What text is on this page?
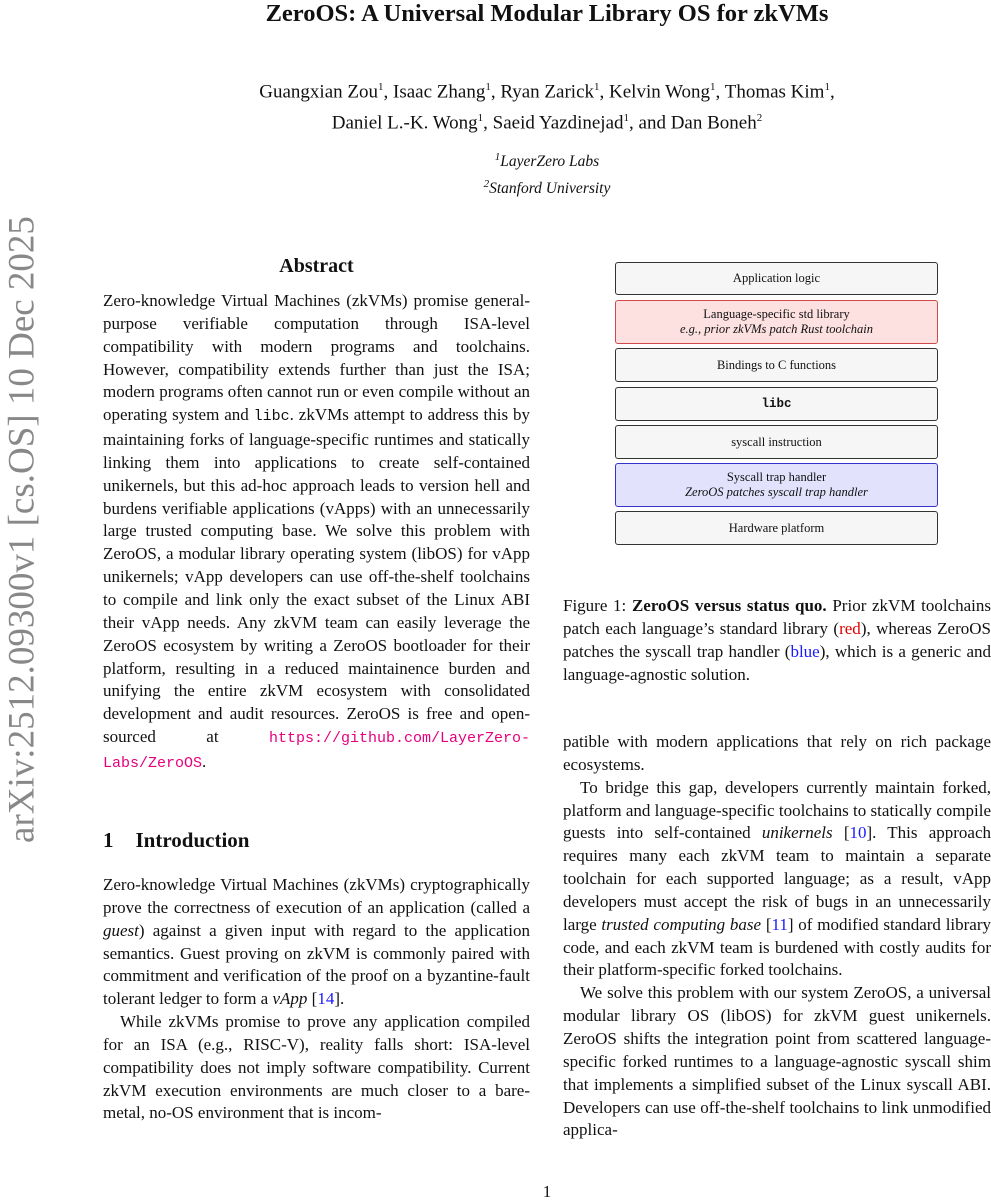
arXiv:2512.09300v1 [cs.OS] 10 Dec 2025
ZeroOS: A Universal Modular Library OS for zkVMs
Guangxian Zou$^1$, Isaac Zhang$^1$, Ryan Zarick$^1$, Kelvin Wong$^1$, Thomas Kim$^1$,
Daniel L.-K. Wong$^1$, Saeid Yazdinejad$^1$, and Dan Boneh$^2$
$^1$LayerZero Labs
$^2$Stanford University
Abstract

Zero-knowledge Virtual Machines (zkVMs) promise general-purpose verifiable computation through ISA-level compatibility with modern programs and toolchains. However, compatibility extends further than just the ISA; modern programs often cannot run or even compile without an operating system and libc. zkVMs attempt to address this by maintaining forks of language-specific runtimes and statically linking them into applications to create self-contained unikernels, but this ad-hoc approach leads to version hell and burdens verifiable applications (vApps) with an unnecessarily large trusted computing base. We solve this problem with ZeroOS, a modular library operating system (libOS) for vApp unikernels; vApp developers can use off-the-shelf toolchains to compile and link only the exact subset of the Linux ABI their vApp needs. Any zkVM team can easily leverage the ZeroOS ecosystem by writing a ZeroOS bootloader for their platform, resulting in a reduced maintainence burden and unifying the entire zkVM ecosystem with consolidated development and audit resources. ZeroOS is free and open-sourced at https://github.com/LayerZero-Labs/ZeroOS.

1 Introduction

Zero-knowledge Virtual Machines (zkVMs) cryptographically prove the correctness of execution of an application (called a guest) against a given input with regard to the application semantics. Guest proving on zkVM is commonly paired with commitment and verification of the proof on a byzantine-fault tolerant ledger to form a vApp [14].

While zkVMs promise to prove any application compiled for an ISA (e.g., RISC-V), reality falls short: ISA-level compatibility does not imply software compatibility. Current zkVM execution environments are much closer to a bare-metal, no-OS environment that is incom-

Application logic
Language-specific std library
e.g., prior zkVMs patch Rust toolchain
Bindings to C functions
libc
syscall instruction
Syscall trap handler
ZeroOS patches syscall trap handler
Hardware platform
Figure 1: ZeroOS versus status quo. Prior zkVM toolchains patch each language’s standard library (red), whereas ZeroOS patches the syscall trap handler (blue), which is a generic and language-agnostic solution.

patible with modern applications that rely on rich package ecosystems.

To bridge this gap, developers currently maintain forked, platform and language-specific toolchains to statically compile guests into self-contained unikernels [10]. This approach requires many each zkVM team to maintain a separate toolchain for each supported language; as a result, vApp developers must accept the risk of bugs in an unnecessarily large trusted computing base [11] of modified standard library code, and each zkVM team is burdened with costly audits for their platform-specific forked toolchains.

We solve this problem with our system ZeroOS, a universal modular library OS (libOS) for zkVM guest unikernels. ZeroOS shifts the integration point from scattered language-specific forked runtimes to a language-agnostic syscall shim that implements a simplified subset of the Linux syscall ABI. Developers can use off-the-shelf toolchains to link unmodified applica-

1
